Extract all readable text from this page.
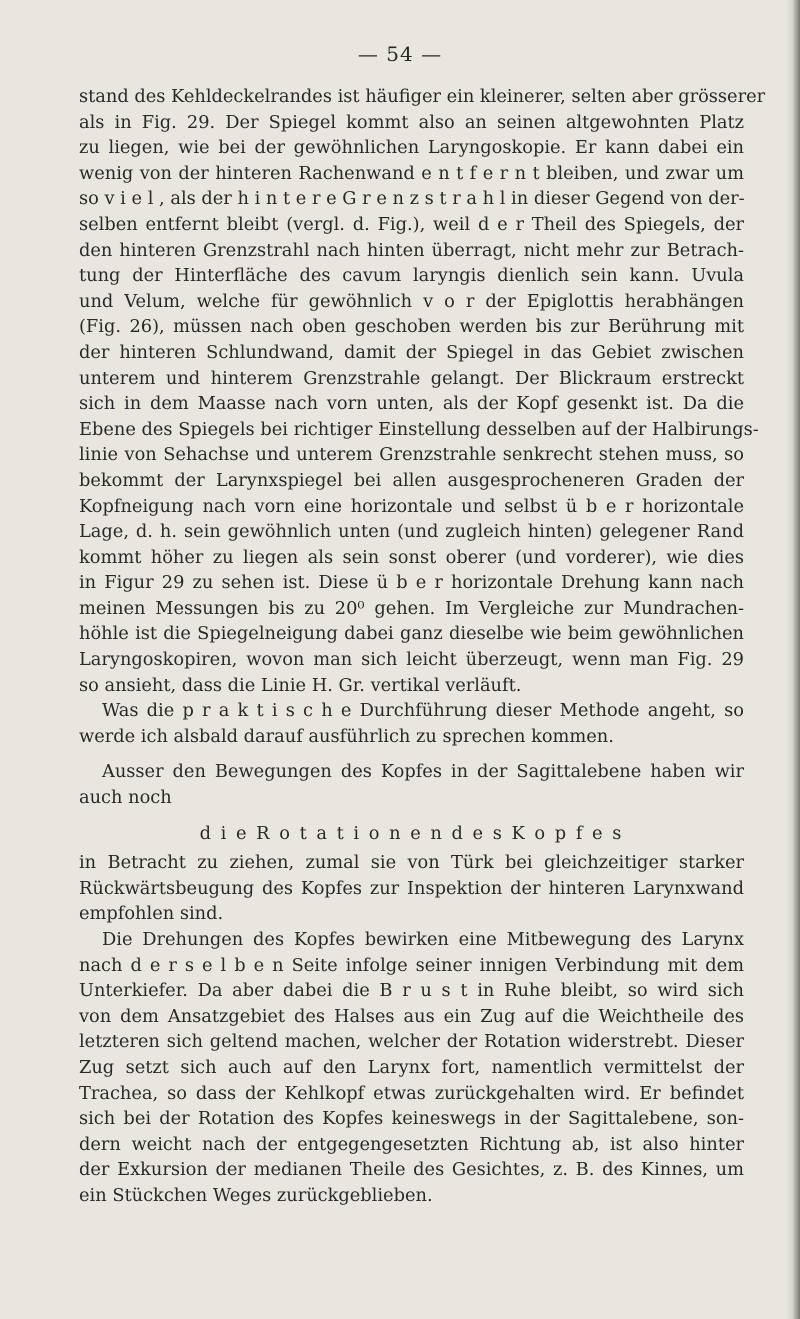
— 54 —
stand des Kehldeckelrandes ist häufiger ein kleinerer, selten aber grösserer
als in Fig. 29. Der Spiegel kommt also an seinen altgewohnten Platz
zu liegen, wie bei der gewöhnlichen Laryngoskopie. Er kann dabei ein
wenig von der hinteren Rachenwand e n t f e r n t bleiben, und zwar um
so v i e l , als der h i n t e r e G r e n z s t r a h l in dieser Gegend von der-
selben entfernt bleibt (vergl. d. Fig.), weil d e r Theil des Spiegels, der
den hinteren Grenzstrahl nach hinten überragt, nicht mehr zur Betrach-
tung der Hinterfläche des cavum laryngis dienlich sein kann. Uvula
und Velum, welche für gewöhnlich v o r der Epiglottis herabhängen
(Fig. 26), müssen nach oben geschoben werden bis zur Berührung mit
der hinteren Schlundwand, damit der Spiegel in das Gebiet zwischen
unterem und hinterem Grenzstrahle gelangt. Der Blickraum erstreckt
sich in dem Maasse nach vorn unten, als der Kopf gesenkt ist. Da die
Ebene des Spiegels bei richtiger Einstellung desselben auf der Halbirungs-
linie von Sehachse und unterem Grenzstrahle senkrecht stehen muss, so
bekommt der Larynxspiegel bei allen ausgesprocheneren Graden der
Kopfneigung nach vorn eine horizontale und selbst ü b e r horizontale
Lage, d. h. sein gewöhnlich unten (und zugleich hinten) gelegener Rand
kommt höher zu liegen als sein sonst oberer (und vorderer), wie dies
in Figur 29 zu sehen ist. Diese ü b e r horizontale Drehung kann nach
meinen Messungen bis zu 20⁰ gehen. Im Vergleiche zur Mundrachen-
höhle ist die Spiegelneigung dabei ganz dieselbe wie beim gewöhnlichen
Laryngoskopiren, wovon man sich leicht überzeugt, wenn man Fig. 29
so ansieht, dass die Linie H. Gr. vertikal verläuft.
Was die p r a k t i s c h e Durchführung dieser Methode angeht, so
werde ich alsbald darauf ausführlich zu sprechen kommen.
Ausser den Bewegungen des Kopfes in der Sagittalebene haben wir
auch noch
d i e R o t a t i o n e n d e s K o p f e s
in Betracht zu ziehen, zumal sie von Türk bei gleichzeitiger starker
Rückwärtsbeugung des Kopfes zur Inspektion der hinteren Larynxwand
empfohlen sind.
Die Drehungen des Kopfes bewirken eine Mitbewegung des Larynx
nach d e r s e l b e n Seite infolge seiner innigen Verbindung mit dem
Unterkiefer. Da aber dabei die B r u s t in Ruhe bleibt, so wird sich
von dem Ansatzgebiet des Halses aus ein Zug auf die Weichtheile des
letzteren sich geltend machen, welcher der Rotation widerstrebt. Dieser
Zug setzt sich auch auf den Larynx fort, namentlich vermittelst der
Trachea, so dass der Kehlkopf etwas zurückgehalten wird. Er befindet
sich bei der Rotation des Kopfes keineswegs in der Sagittalebene, son-
dern weicht nach der entgegengesetzten Richtung ab, ist also hinter
der Exkursion der medianen Theile des Gesichtes, z. B. des Kinnes, um
ein Stückchen Weges zurückgeblieben.
